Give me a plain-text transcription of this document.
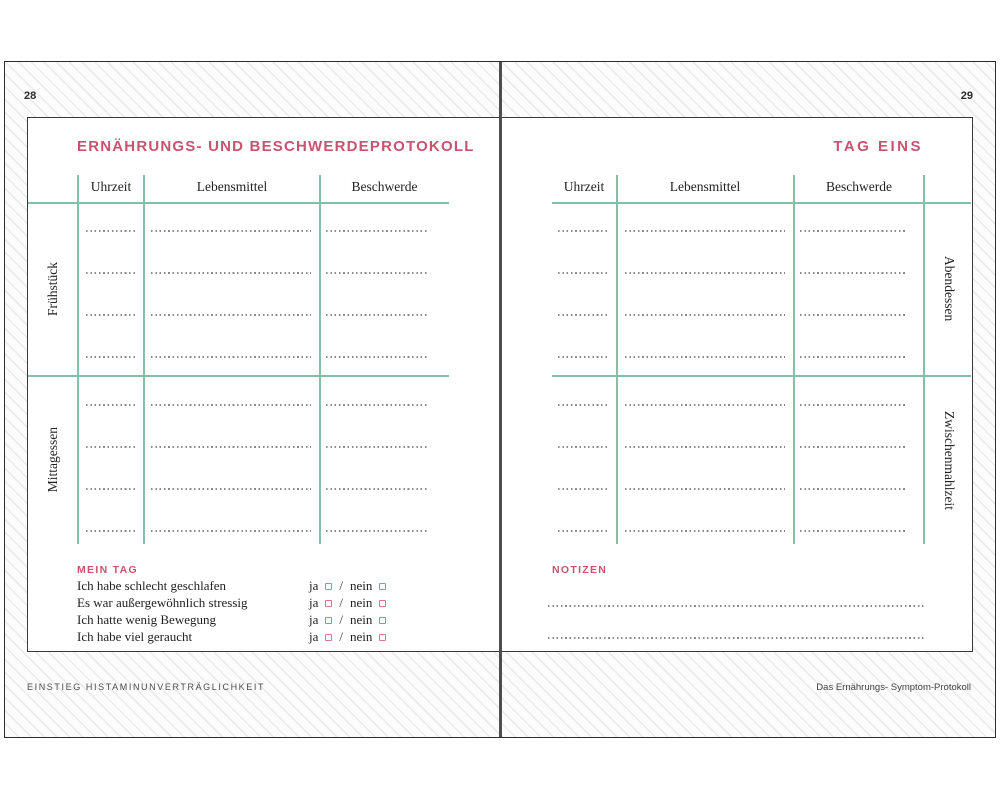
28	29
ERNÄHRUNGS- UND BESCHWERDEPROTOKOLL
Uhrzeit	Lebensmittel	Beschwerde
Frühstück
Mittagessen
MEIN TAG
Ich habe schlecht geschlafen	ja / nein
Es war außergewöhnlich stressig	ja / nein
Ich hatte wenig Bewegung	ja / nein
Ich habe viel geraucht	ja / nein
TAG EINS
Uhrzeit	Lebensmittel	Beschwerde
Abendessen
Zwischenmahlzeit
NOTIZEN
EINSTIEG HISTAMINUNVERTRÄGLICHKEIT	Das Ernährungs- Symptom-Protokoll
